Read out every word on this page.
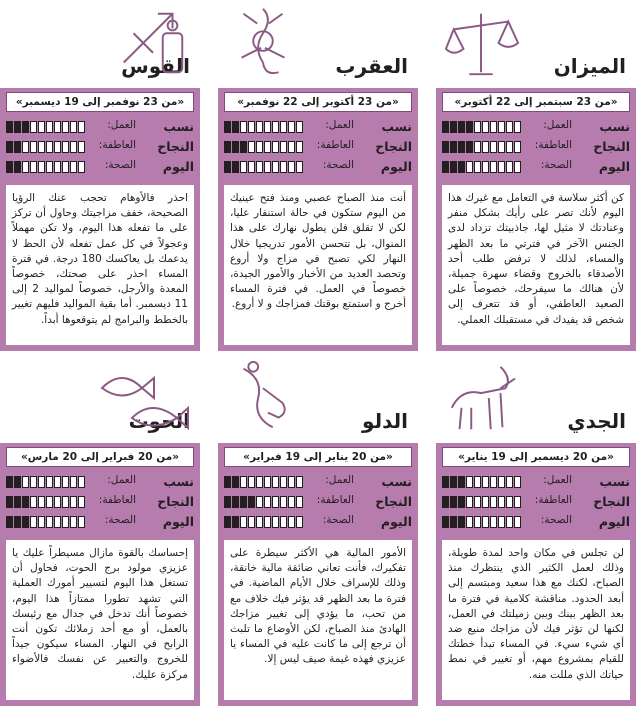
الميزان
«من 23 سبتمبر إلى 22 أكتوبر»
نسب
النجاح
اليوم
العمل:
العاطفة:
الصحة:
كن أكثر سلاسة في التعامل مع غيرك هذا اليوم لأنك تصر على رأيك بشكل منفر وعنادتك لا مثيل لها، جاذبيتك تزداد لدى الجنس الآخر في فترتي ما بعد الظهر والمساء، لذلك لا ترفض طلب أحد الأصدقاء بالخروج وقضاء سهرة جميلة، لأن هنالك ما سيفرحك، خصوصاً على الصعيد العاطفي، أو قد تتعرف إلى شخص قد يفيدك في مستقبلك العملي.
العقرب
«من 23 أكتوبر إلى 22 نوفمبر»
نسب
النجاح
اليوم
العمل:
العاطفة:
الصحة:
أنت منذ الصباح عصبي ومنذ فتح عينيك من اليوم ستكون في حالة استنفار عليا، لكن لا تقلق فلن يطول نهارك على هذا المنوال، بل تتحسن الأمور تدريجيا خلال النهار لكي تصبح في مزاج ولا أروع وتحصد العديد من الأخبار والأمور الجيدة، خصوصاً في العمل. في فترة المساء أخرج و استمتع بوقتك فمزاجك و لا أروع.
القوس
«من 23 نوفمبر إلى 19 ديسمبر»
نسب
النجاح
اليوم
العمل:
العاطفة:
الصحة:
احذر فالأوهام تحجب عنك الرؤيا الصحيحة، خفف مزاجيتك وحاول أن تركز على ما تفعله هذا اليوم، ولا تكن مهملاً وعجولاً في كل عمل تفعله لأن الحظ لا يدعمك بل يعاكسك 180 درجة. في فترة المساء احذر على صحتك، خصوصاً المعدة والأرجل، خصوصاً لمواليد 2 إلى 11 ديسمبر. أما بقية المواليد فليهم تغيير بالخطط والبرامج لم يتوقعوها أبداً.
الجدي
«من 20 ديسمبر إلى 19 يناير»
نسب
النجاح
اليوم
العمل:
العاطفة:
الصحة:
لن تجلس في مكان واحد لمدة طويلة، وذلك لعمل الكثير الذي ينتظرك منذ الصباح، لكنك مع هذا سعيد ومبتسم إلى أبعد الحدود. مناقشة كلامية في فترة ما بعد الظهر بينك وبين زميلتك في العمل، لكنها لن تؤثر فيك لأن مزاجك منيع ضد أي شيء سيء. في المساء تبدأ خطتك للقيام بمشروع مهم، أو تغيير في نمط حياتك الذي مللت منه.
الدلو
«من 20 يناير إلى 19 فبراير»
نسب
النجاح
اليوم
العمل:
العاطفة:
الصحة:
الأمور المالية هي الأكثر سيطرة على تفكيرك، فأنت تعاني ضائقة مالية خانقة، وذلك للإسراف خلال الأيام الماضية. في فترة ما بعد الظهر قد يؤثر فيك خلاف مع من تحب، ما يؤدي إلى تغيير مزاجك الهادئ منذ الصباح، لكن الأوضاع ما تلبث أن ترجع إلى ما كانت عليه في المساء يا عزيزي فهذه غيمة صيف ليس إلا.
الحوت
«من 20 فبراير إلى 20 مارس»
نسب
النجاح
اليوم
العمل:
العاطفة:
الصحة:
إحساسك بالقوة مازال مسيطراً عليك يا عزيزي مولود برج الحوت، فحاول أن تستغل هذا اليوم لتسيير أمورك العملية التي تشهد تطورا ممتازاً هذا اليوم، خصوصاً أنك تدخل في جدال مع رئيسك بالعمل، أو مع أحد زملائك تكون أنت الرابح في النهار. المساء سيكون جيداً للخروج والتعبير عن نفسك فالأضواء مركزة عليك.
